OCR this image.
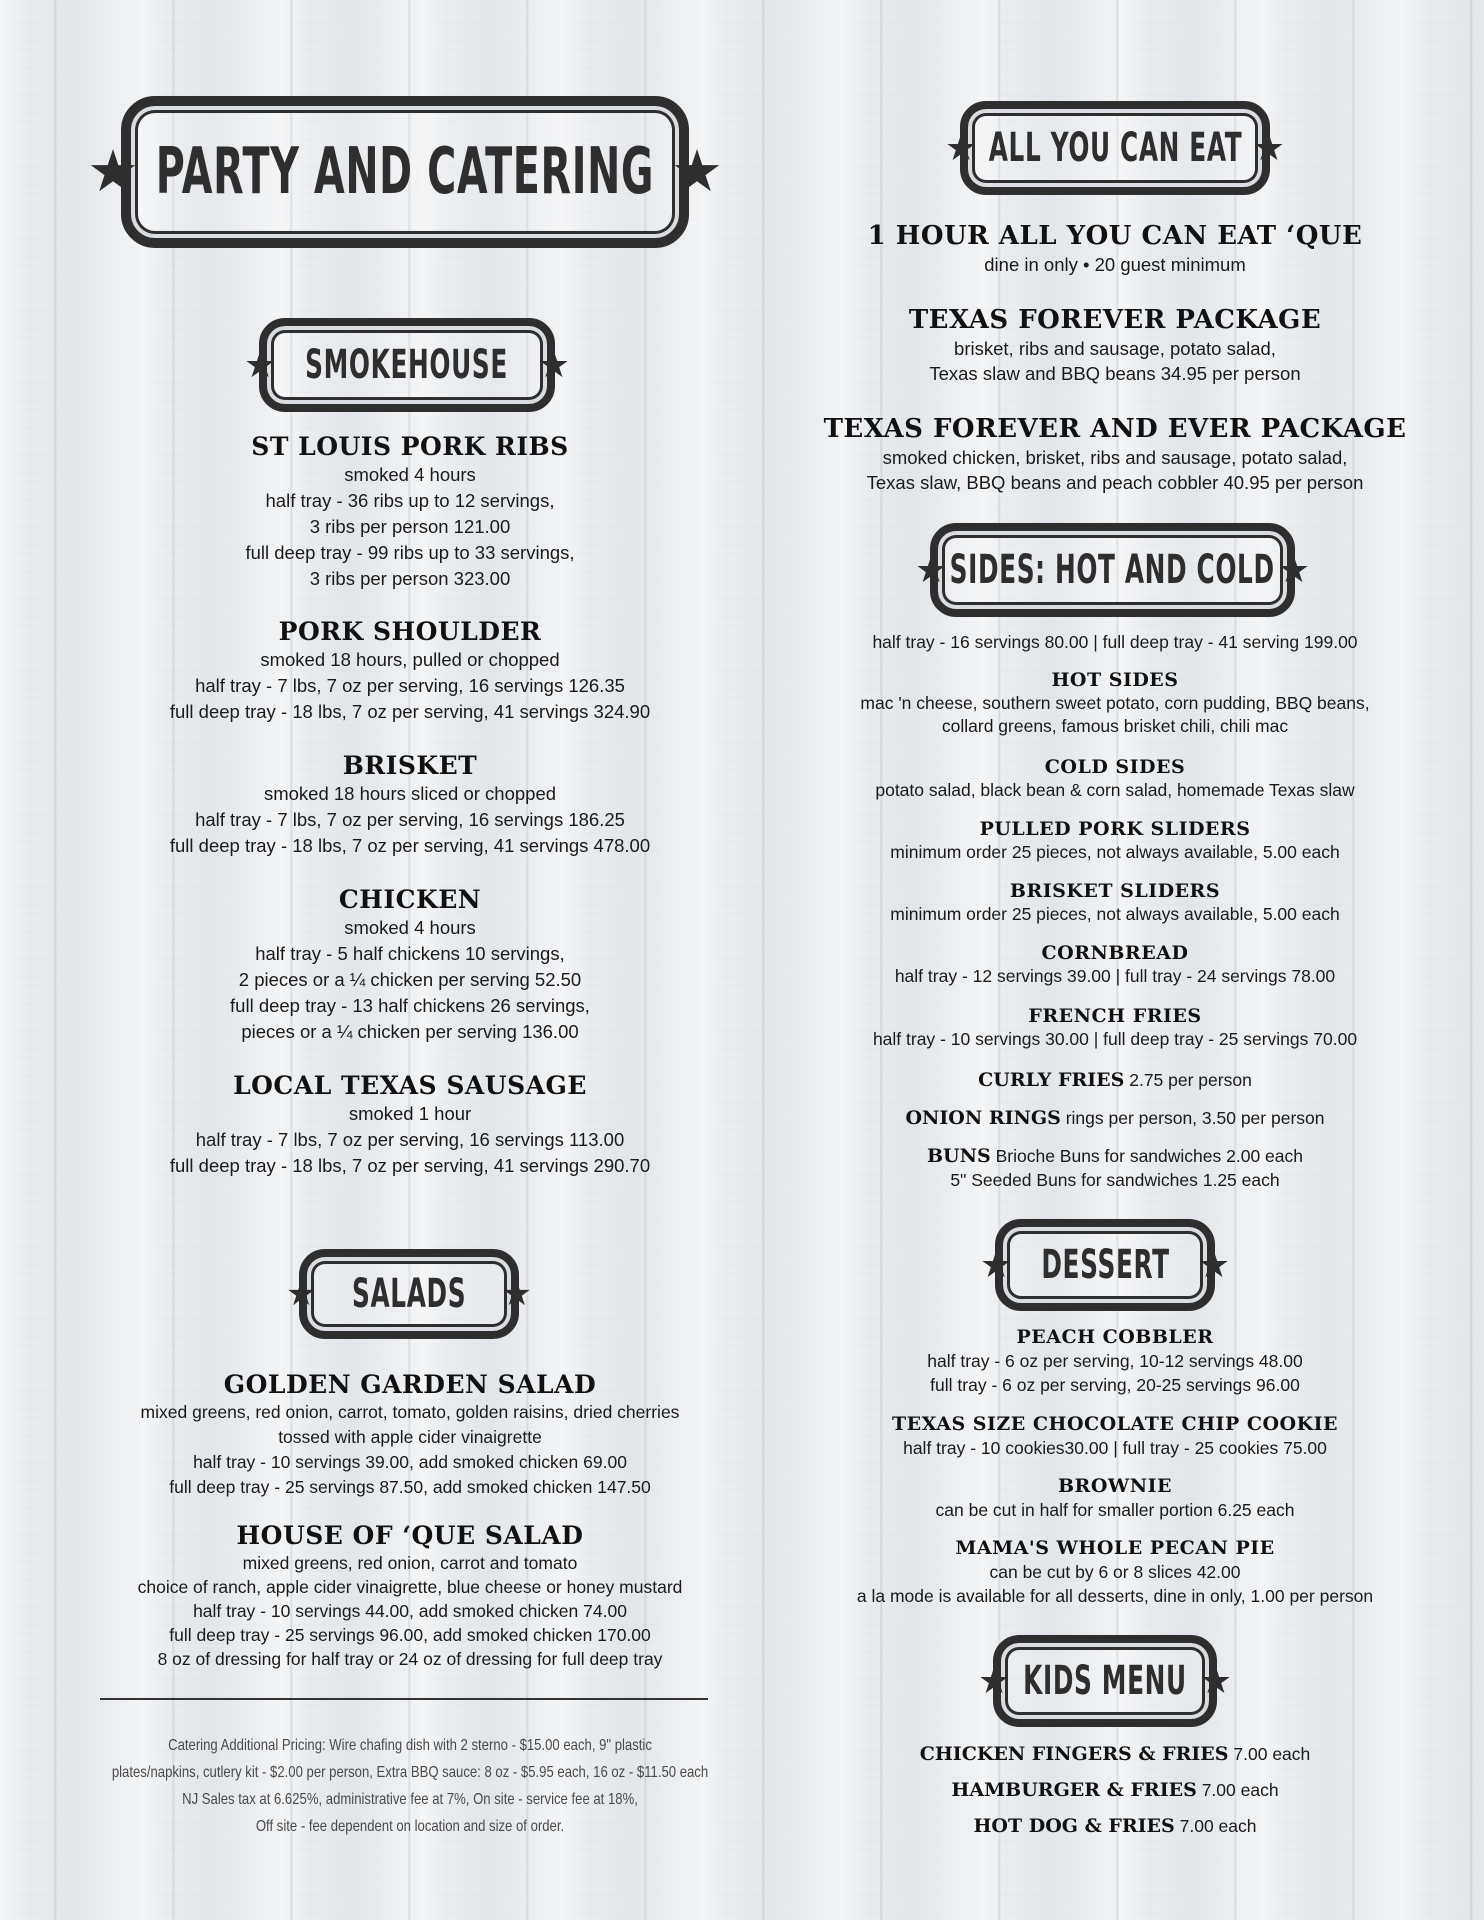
★ PARTY AND CATERING ★
★ SMOKEHOUSE ★
ST LOUIS PORK RIBS
smoked 4 hours
half tray - 36 ribs up to 12 servings,
3 ribs per person 121.00
full deep tray - 99 ribs up to 33 servings,
3 ribs per person 323.00
PORK SHOULDER
smoked 18 hours, pulled or chopped
half tray - 7 lbs, 7 oz per serving, 16 servings 126.35
full deep tray - 18 lbs, 7 oz per serving, 41 servings 324.90
BRISKET
smoked 18 hours sliced or chopped
half tray - 7 lbs, 7 oz per serving, 16 servings 186.25
full deep tray - 18 lbs, 7 oz per serving, 41 servings 478.00
CHICKEN
smoked 4 hours
half tray - 5 half chickens 10 servings,
2 pieces or a ¼ chicken per serving 52.50
full deep tray - 13 half chickens 26 servings,
pieces or a ¼ chicken per serving 136.00
LOCAL TEXAS SAUSAGE
smoked 1 hour
half tray - 7 lbs, 7 oz per serving, 16 servings 113.00
full deep tray - 18 lbs, 7 oz per serving, 41 servings 290.70
★ SALADS ★
GOLDEN GARDEN SALAD
mixed greens, red onion, carrot, tomato, golden raisins, dried cherries
tossed with apple cider vinaigrette
half tray - 10 servings 39.00, add smoked chicken 69.00
full deep tray - 25 servings 87.50, add smoked chicken 147.50
HOUSE OF ‘QUE SALAD
mixed greens, red onion, carrot and tomato
choice of ranch, apple cider vinaigrette, blue cheese or honey mustard
half tray - 10 servings 44.00, add smoked chicken 74.00
full deep tray - 25 servings 96.00, add smoked chicken 170.00
8 oz of dressing for half tray or 24 oz of dressing for full deep tray
Catering Additional Pricing: Wire chafing dish with 2 sterno - $15.00 each, 9" plastic
plates/napkins, cutlery kit - $2.00 per person, Extra BBQ sauce: 8 oz - $5.95 each, 16 oz - $11.50 each
NJ Sales tax at 6.625%, administrative fee at 7%, On site - service fee at 18%,
Off site - fee dependent on location and size of order.
★ ALL YOU CAN EAT ★
1 HOUR ALL YOU CAN EAT ‘QUE
dine in only • 20 guest minimum
TEXAS FOREVER PACKAGE
brisket, ribs and sausage, potato salad,
Texas slaw and BBQ beans 34.95 per person
TEXAS FOREVER AND EVER PACKAGE
smoked chicken, brisket, ribs and sausage, potato salad,
Texas slaw, BBQ beans and peach cobbler 40.95 per person
★ SIDES: HOT AND COLD ★
half tray - 16 servings 80.00 | full deep tray - 41 serving 199.00
HOT SIDES
mac 'n cheese, southern sweet potato, corn pudding, BBQ beans,
collard greens, famous brisket chili, chili mac
COLD SIDES
potato salad, black bean & corn salad, homemade Texas slaw
PULLED PORK SLIDERS
minimum order 25 pieces, not always available, 5.00 each
BRISKET SLIDERS
minimum order 25 pieces, not always available, 5.00 each
CORNBREAD
half tray - 12 servings 39.00 | full tray - 24 servings 78.00
FRENCH FRIES
half tray - 10 servings 30.00 | full deep tray - 25 servings 70.00
CURLY FRIES 2.75 per person
ONION RINGS rings per person, 3.50 per person
BUNS Brioche Buns for sandwiches 2.00 each
5" Seeded Buns for sandwiches 1.25 each
★ DESSERT ★
PEACH COBBLER
half tray - 6 oz per serving, 10-12 servings 48.00
full tray - 6 oz per serving, 20-25 servings 96.00
TEXAS SIZE CHOCOLATE CHIP COOKIE
half tray - 10 cookies30.00 | full tray - 25 cookies 75.00
BROWNIE
can be cut in half for smaller portion 6.25 each
MAMA'S WHOLE PECAN PIE
can be cut by 6 or 8 slices 42.00
a la mode is available for all desserts, dine in only, 1.00 per person
★ KIDS MENU ★
CHICKEN FINGERS & FRIES 7.00 each
HAMBURGER & FRIES 7.00 each
HOT DOG & FRIES 7.00 each
